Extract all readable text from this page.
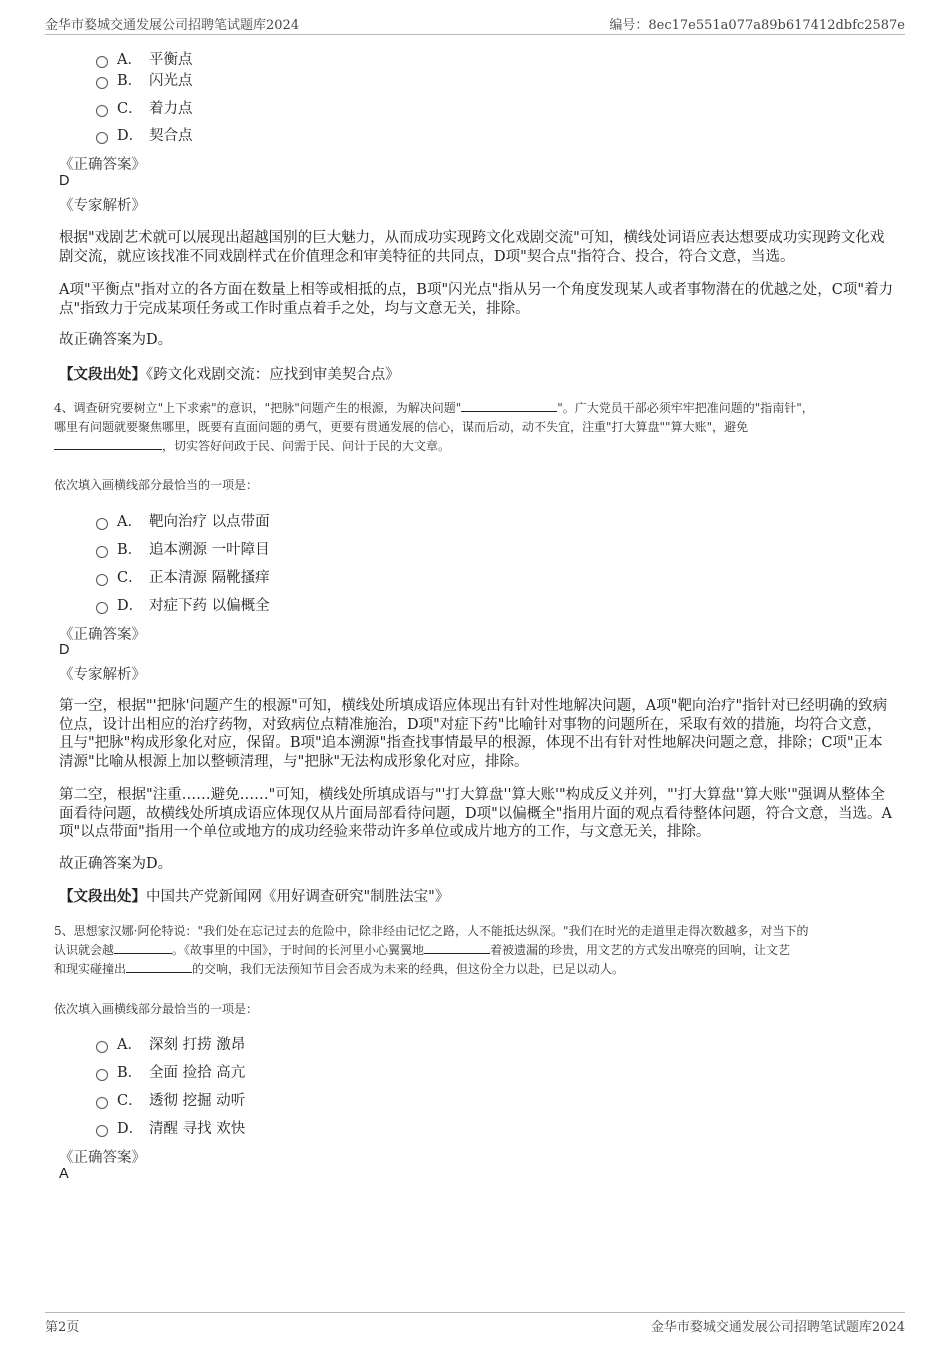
金华市婺城交通发展公司招聘笔试题库2024	编号：8ec17e551a077a89b617412dbfc2587e
A． 平衡点
B． 闪光点
C． 着力点
D． 契合点
《正确答案》
D
《专家解析》
根据"戏剧艺术就可以展现出超越国别的巨大魅力，从而成功实现跨文化戏剧交流"可知，横线处词语应表达想要成功实现跨文化戏剧交流，就应该找准不同戏剧样式在价值理念和审美特征的共同点，D项"契合点"指符合、投合，符合文意，当选。
A项"平衡点"指对立的各方面在数量上相等或相抵的点，B项"闪光点"指从另一个角度发现某人或者事物潜在的优越之处，C项"着力点"指致力于完成某项任务或工作时重点着手之处，均与文意无关，排除。
故正确答案为D。
【文段出处】《跨文化戏剧交流：应找到审美契合点》
4、调查研究要树立"上下求索"的意识，"把脉"问题产生的根源，为解决问题"	"。广大党员干部必须牢牢把准问题的"指南针"，
哪里有问题就要聚焦哪里，既要有直面问题的勇气，更要有贯通发展的信心，谋而后动，动不失宜，注重"打大算盘""算大账"，避免
，切实答好问政于民、问需于民、问计于民的大文章。
依次填入画横线部分最恰当的一项是：
A． 靶向治疗 以点带面
B． 追本溯源 一叶障目
C． 正本清源 隔靴搔痒
D． 对症下药 以偏概全
《正确答案》
D
《专家解析》
第一空，根据"'把脉'问题产生的根源"可知，横线处所填成语应体现出有针对性地解决问题，A项"靶向治疗"指针对已经明确的致病位点，设计出相应的治疗药物，对致病位点精准施治，D项"对症下药"比喻针对事物的问题所在，采取有效的措施，均符合文意，且与"把脉"构成形象化对应，保留。B项"追本溯源"指查找事情最早的根源，体现不出有针对性地解决问题之意，排除；C项"正本清源"比喻从根源上加以整顿清理，与"把脉"无法构成形象化对应，排除。
第二空，根据"注重……避免……"可知，横线处所填成语与"'打大算盘''算大账'"构成反义并列，"'打大算盘''算大账'"强调从整体全面看待问题，故横线处所填成语应体现仅从片面局部看待问题，D项"以偏概全"指用片面的观点看待整体问题，符合文意，当选。A项"以点带面"指用一个单位或地方的成功经验来带动许多单位或成片地方的工作，与文意无关，排除。
故正确答案为D。
【文段出处】中国共产党新闻网《用好调查研究"制胜法宝"》
5、思想家汉娜·阿伦特说："我们处在忘记过去的危险中，除非经由记忆之路，人不能抵达纵深。"我们在时光的走道里走得次数越多，对当下的
认识就会越	。《故事里的中国》，于时间的长河里小心翼翼地	着被遗漏的珍贵，用文艺的方式发出嘹亮的回响，让文艺
和现实碰撞出	的交响，我们无法预知节目会否成为未来的经典，但这份全力以赴，已足以动人。
依次填入画横线部分最恰当的一项是：
A． 深刻 打捞 激昂
B． 全面 捡拾 高亢
C． 透彻 挖掘 动听
D． 清醒 寻找 欢快
《正确答案》
A
第2页	金华市婺城交通发展公司招聘笔试题库2024
